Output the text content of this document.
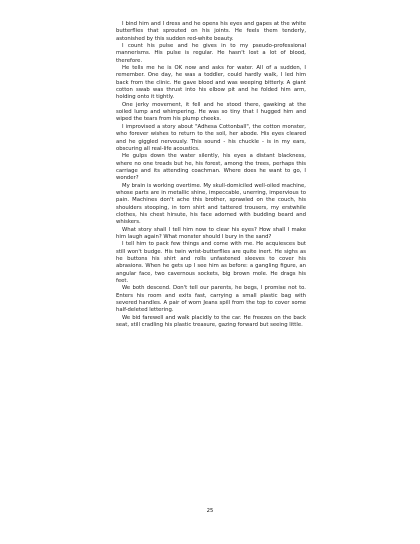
I bind him and I dress and he opens his eyes and gapes at the white butterflies that sprouted on his joints. He feels them tenderly, astonished by this sudden red-white beauty.

I count his pulse and he gives in to my pseudo-professional mannerisms. His pulse is regular. He hasn't lost a lot of blood, therefore.

He tells me he is OK now and asks for water. All of a sudden, I remember. One day, he was a toddler, could hardly walk, I led him back from the clinic. He gave blood and was weeping bitterly. A giant cotton swab was thrust into his elbow pit and he folded him arm, holding onto it tightly.

One jerky movement, it fell and he stood there, gawking at the soiled lump and whimpering. He was so tiny that I hugged him and wiped the tears from his plump cheeks.

I improvised a story about "Adhesa Cottonball", the cotton monster, who forever wishes to return to the soil, her abode. His eyes cleared and he giggled nervously. This sound - his chuckle - is in my ears, obscuring all real-life acoustics.

He gulps down the water silently, his eyes a distant blackness, where no one treads but he, his forest, among the trees, perhaps this carriage and its attending coachman. Where does he want to go, I wonder?

My brain is working overtime. My skull-domiciled well-oiled machine, whose parts are in metallic shine, impeccable, unerring, impervious to pain. Machines don't ache this brother, sprawled on the couch, his shoulders stooping, in torn shirt and tattered trousers, my erstwhile clothes, his chest hirsute, his face adorned with budding beard and whiskers.

What story shall I tell him now to clear his eyes? How shall I make him laugh again? What monster should I bury in the sand?

I tell him to pack few things and come with me. He acquiesces but still won't budge. His twin wrist-butterflies are quite inert. He sighs as he buttons his shirt and rolls unfastened sleeves to cover his abrasions. When he gets up I see him as before: a gangling figure, an angular face, two cavernous sockets, big brown mole. He drags his feet.

We both descend. Don't tell our parents, he begs, I promise not to. Enters his room and exits fast, carrying a small plastic bag with severed handles. A pair of worn Jeans spill from the top to cover some half-deleted lettering.

We bid farewell and walk placidly to the car. He freezes on the back seat, still cradling his plastic treasure, gazing forward but seeing little.

25
